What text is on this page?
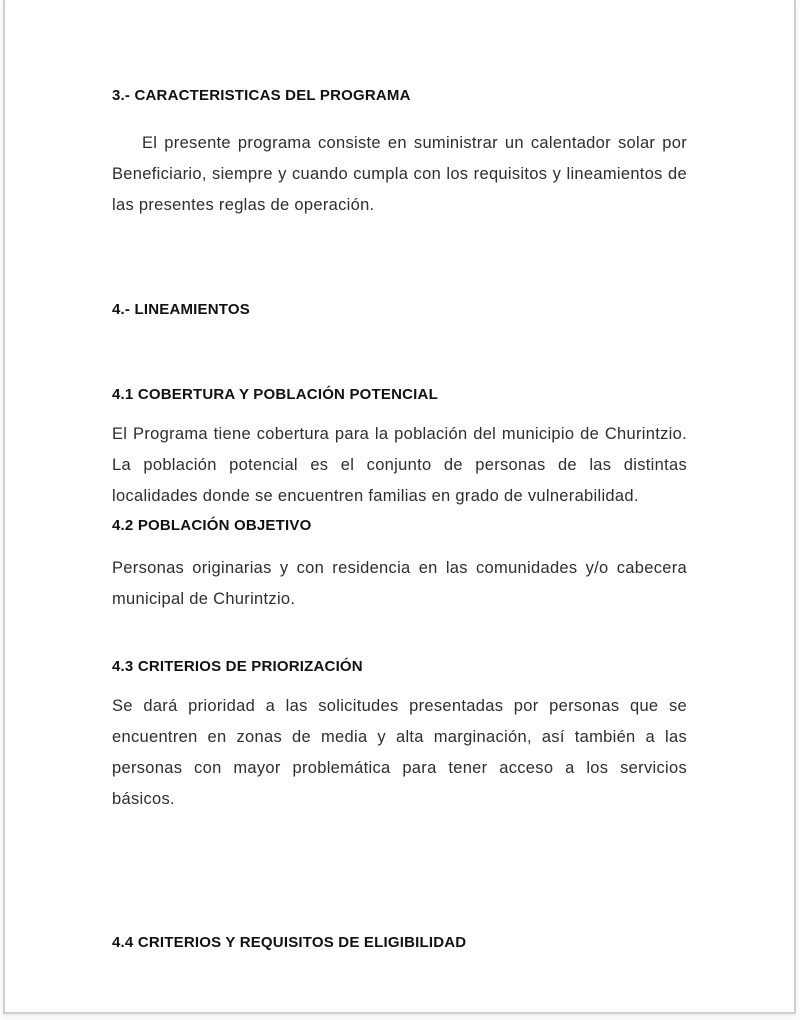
3.- CARACTERISTICAS DEL PROGRAMA

El presente programa consiste en suministrar un calentador solar por Beneficiario, siempre y cuando cumpla con los requisitos y lineamientos de las presentes reglas de operación.

4.- LINEAMIENTOS
4.1 COBERTURA Y POBLACIÓN POTENCIAL

El Programa tiene cobertura para la población del municipio de Churintzio. La población potencial es el conjunto de personas de las distintas localidades donde se encuentren familias en grado de vulnerabilidad.

4.2 POBLACIÓN OBJETIVO

Personas originarias y con residencia en las comunidades y/o cabecera municipal de Churintzio.

4.3 CRITERIOS DE PRIORIZACIÓN

Se dará prioridad a las solicitudes presentadas por personas que se encuentren en zonas de media y alta marginación, así también a las personas con mayor problemática para tener acceso a los servicios básicos.

4.4 CRITERIOS Y REQUISITOS DE ELIGIBILIDAD
